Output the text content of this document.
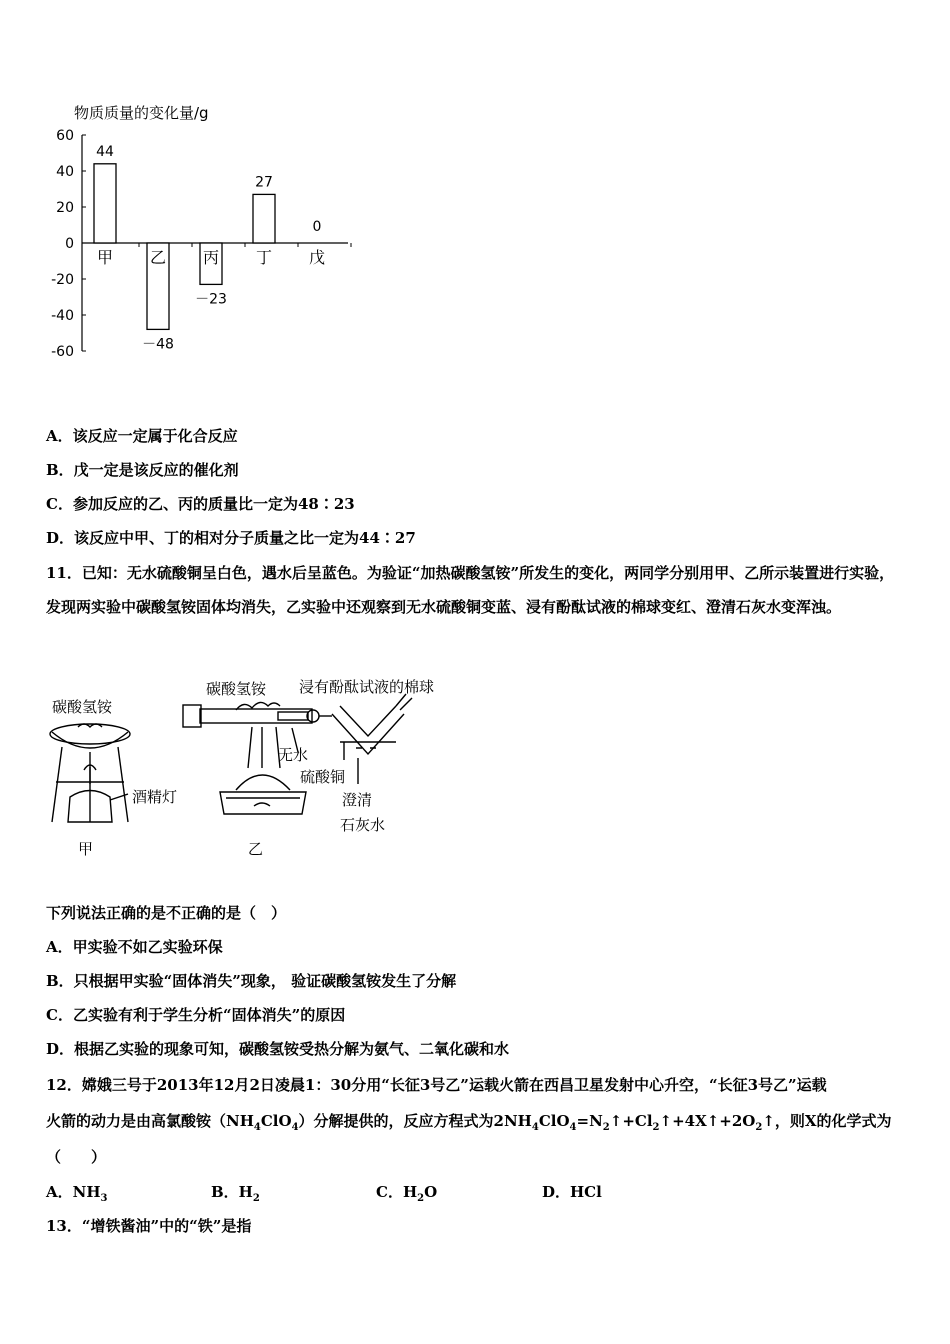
物质质量的变化量/g
60
40
20
0
-20
-40
-60
甲
44
乙
－48
丙
－23
丁
27
戊
0
A．该反应一定属于化合反应
B．戊一定是该反应的催化剂
C．参加反应的乙、丙的质量比一定为48∶23
D．该反应中甲、丁的相对分子质量之比一定为44∶27
11．已知：无水硫酸铜呈白色，遇水后呈蓝色。为验证“加热碳酸氢铵”所发生的变化，两同学分别用甲、乙所示装置进行实验，发现两实验中碳酸氢铵固体均消失，乙实验中还观察到无水硫酸铜变蓝、浸有酚酞试液的棉球变红、澄清石灰水变浑浊。
碳酸氢铵
酒精灯
甲
碳酸氢铵 浸有酚酞试液的棉球
无水
硫酸铜
澄清
石灰水
乙
下列说法正确的是不正确的是（　）
A．甲实验不如乙实验环保
B．只根据甲实验“固体消失”现象， 验证碳酸氢铵发生了分解
C．乙实验有利于学生分析“固体消失”的原因
D．根据乙实验的现象可知，碳酸氢铵受热分解为氨气、二氧化碳和水
12．嫦娥三号于2013年12月2日凌晨1：30分用“长征3号乙”运载火箭在西昌卫星发射中心升空，“长征3号乙”运载
火箭的动力是由高氯酸铵$(NH_4ClO_4)$分解提供的，反应方程式为$2NH_4ClO_4=N_2↑+Cl_2↑+4X↑+2O_2↑$，则X的化学式为
（　　）
A．$NH_3$	B．$H_2$	C．$H_2O$	D．HCl
13．“增铁酱油”中的“铁”是指
